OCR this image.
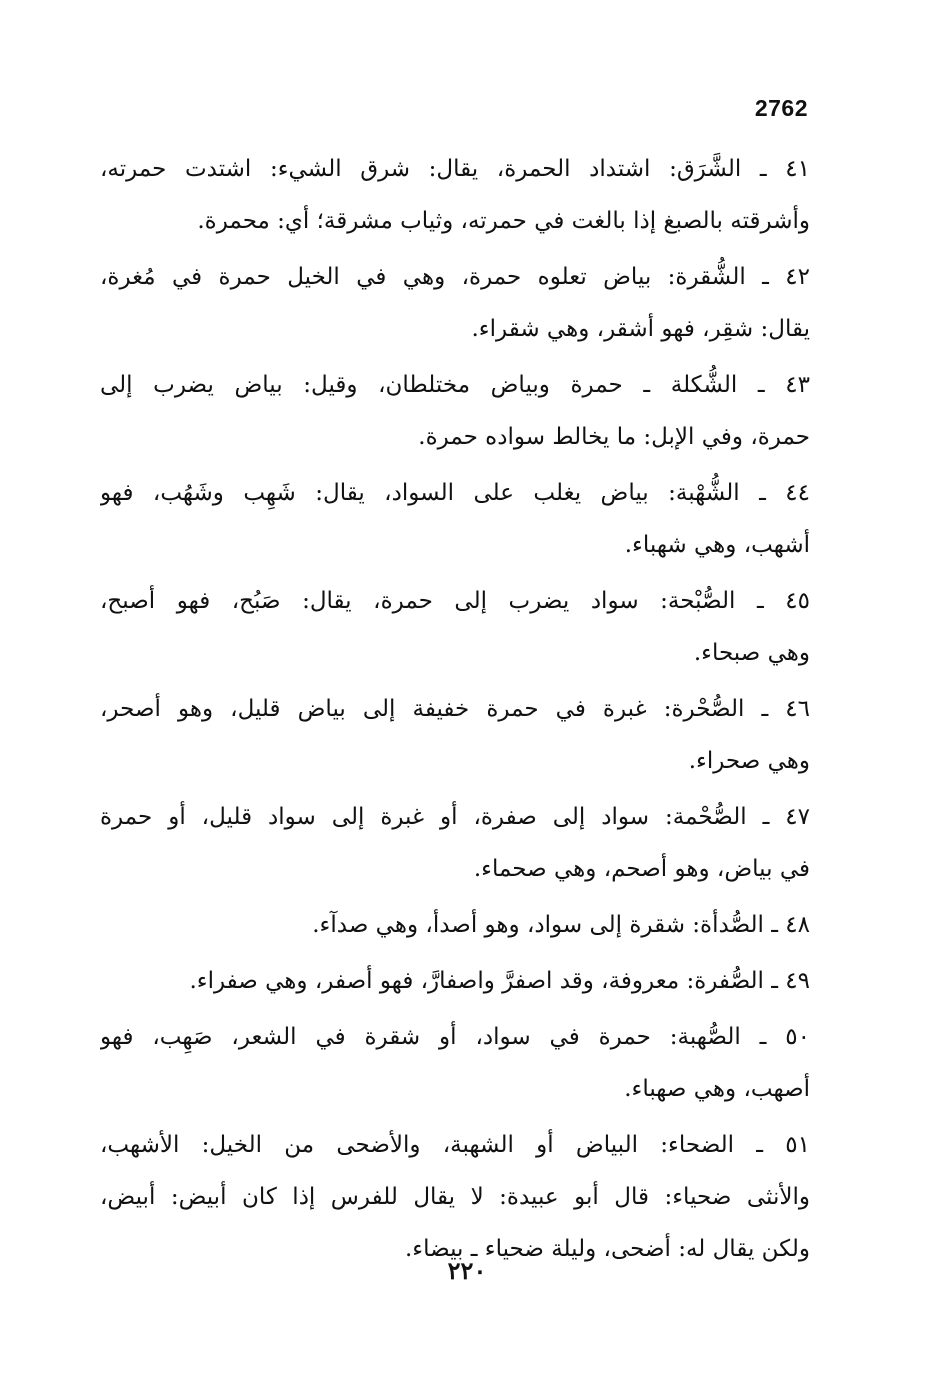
2762
٤١ ـ الشَّرَق: اشتداد الحمرة، يقال: شرق الشيء: اشتدت حمرته،
وأشرقته بالصبغ إذا بالغت في حمرته، وثياب مشرقة؛ أي: محمرة.
٤٢ ـ الشُّقرة: بياض تعلوه حمرة، وهي في الخيل حمرة في مُغرة،
يقال: شقِر، فهو أشقر، وهي شقراء.
٤٣ ـ الشُّكلة ـ حمرة وبياض مختلطان، وقيل: بياض يضرب إلى
حمرة، وفي الإبل: ما يخالط سواده حمرة.
٤٤ ـ الشُّهْبة: بياض يغلب على السواد، يقال: شَهِب وشَهُب، فهو
أشهب، وهي شهباء.
٤٥ ـ الصُّبْحة: سواد يضرب إلى حمرة، يقال: صَبُح، فهو أصبح،
وهي صبحاء.
٤٦ ـ الصُّحْرة: غبرة في حمرة خفيفة إلى بياض قليل، وهو أصحر،
وهي صحراء.
٤٧ ـ الصُّحْمة: سواد إلى صفرة، أو غبرة إلى سواد قليل، أو حمرة
في بياض، وهو أصحم، وهي صحماء.
٤٨ ـ الصُّدأة: شقرة إلى سواد، وهو أصدأ، وهي صدآء.
٤٩ ـ الصُّفرة: معروفة، وقد اصفرَّ واصفارَّ، فهو أصفر، وهي صفراء.
٥٠ ـ الصُّهبة: حمرة في سواد، أو شقرة في الشعر، صَهِب، فهو
أصهب، وهي صهباء.
٥١ ـ الضحاء: البياض أو الشهبة، والأضحى من الخيل: الأشهب،
والأنثى ضحياء: قال أبو عبيدة: لا يقال للفرس إذا كان أبيض: أبيض،
ولكن يقال له: أضحى، وليلة ضحياء ـ بيضاء.
٢٢٠
